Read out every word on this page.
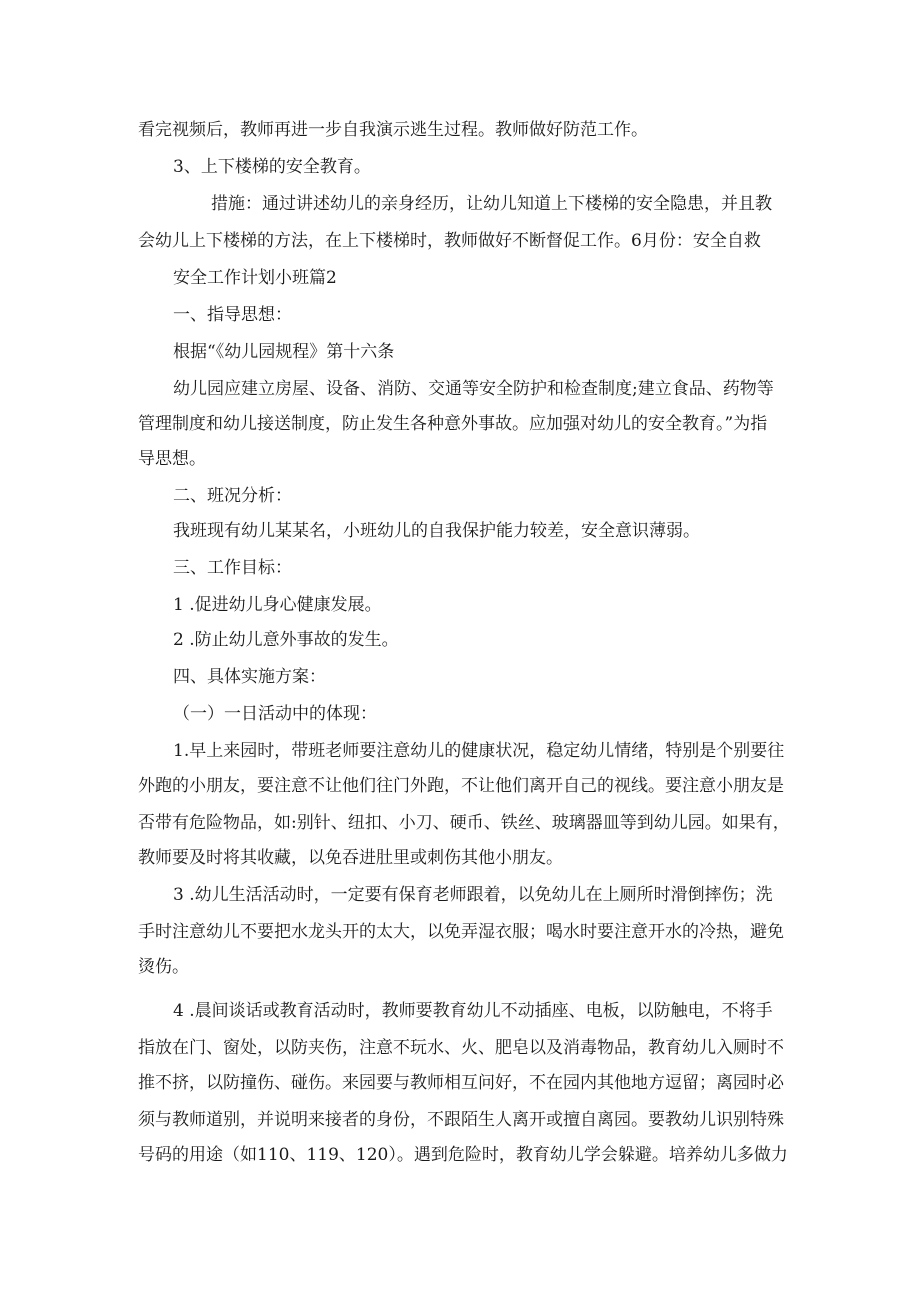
看完视频后，教师再进一步自我演示逃生过程。教师做好防范工作。

3、上下楼梯的安全教育。

措施：通过讲述幼儿的亲身经历，让幼儿知道上下楼梯的安全隐患，并且教

会幼儿上下楼梯的方法，在上下楼梯时，教师做好不断督促工作。6月份：安全自救

安全工作计划小班篇2

一、指导思想：

根据“《幼儿园规程》第十六条

幼儿园应建立房屋、设备、消防、交通等安全防护和检查制度;建立食品、药物等

管理制度和幼儿接送制度，防止发生各种意外事故。应加强对幼儿的安全教育。”为指

导思想。

二、班况分析：

我班现有幼儿某某名，小班幼儿的自我保护能力较差，安全意识薄弱。

三、工作目标：

1 .促进幼儿身心健康发展。

2 .防止幼儿意外事故的发生。

四、具体实施方案：

（一）一日活动中的体现：

1.早上来园时，带班老师要注意幼儿的健康状况，稳定幼儿情绪，特别是个别要往

外跑的小朋友，要注意不让他们往门外跑，不让他们离开自己的视线。要注意小朋友是

否带有危险物品，如:别针、纽扣、小刀、硬币、铁丝、玻璃器皿等到幼儿园。如果有，

教师要及时将其收藏，以免吞进肚里或刺伤其他小朋友。

3 .幼儿生活活动时，一定要有保育老师跟着，以免幼儿在上厕所时滑倒摔伤；洗

手时注意幼儿不要把水龙头开的太大，以免弄湿衣服；喝水时要注意开水的冷热，避免

烫伤。

4 .晨间谈话或教育活动时，教师要教育幼儿不动插座、电板，以防触电，不将手

指放在门、窗处，以防夹伤，注意不玩水、火、肥皂以及消毒物品，教育幼儿入厕时不

推不挤，以防撞伤、碰伤。来园要与教师相互问好，不在园内其他地方逗留；离园时必

须与教师道别，并说明来接者的身份，不跟陌生人离开或擅自离园。要教幼儿识别特殊

号码的用途（如110、119、120）。遇到危险时，教育幼儿学会躲避。培养幼儿多做力
